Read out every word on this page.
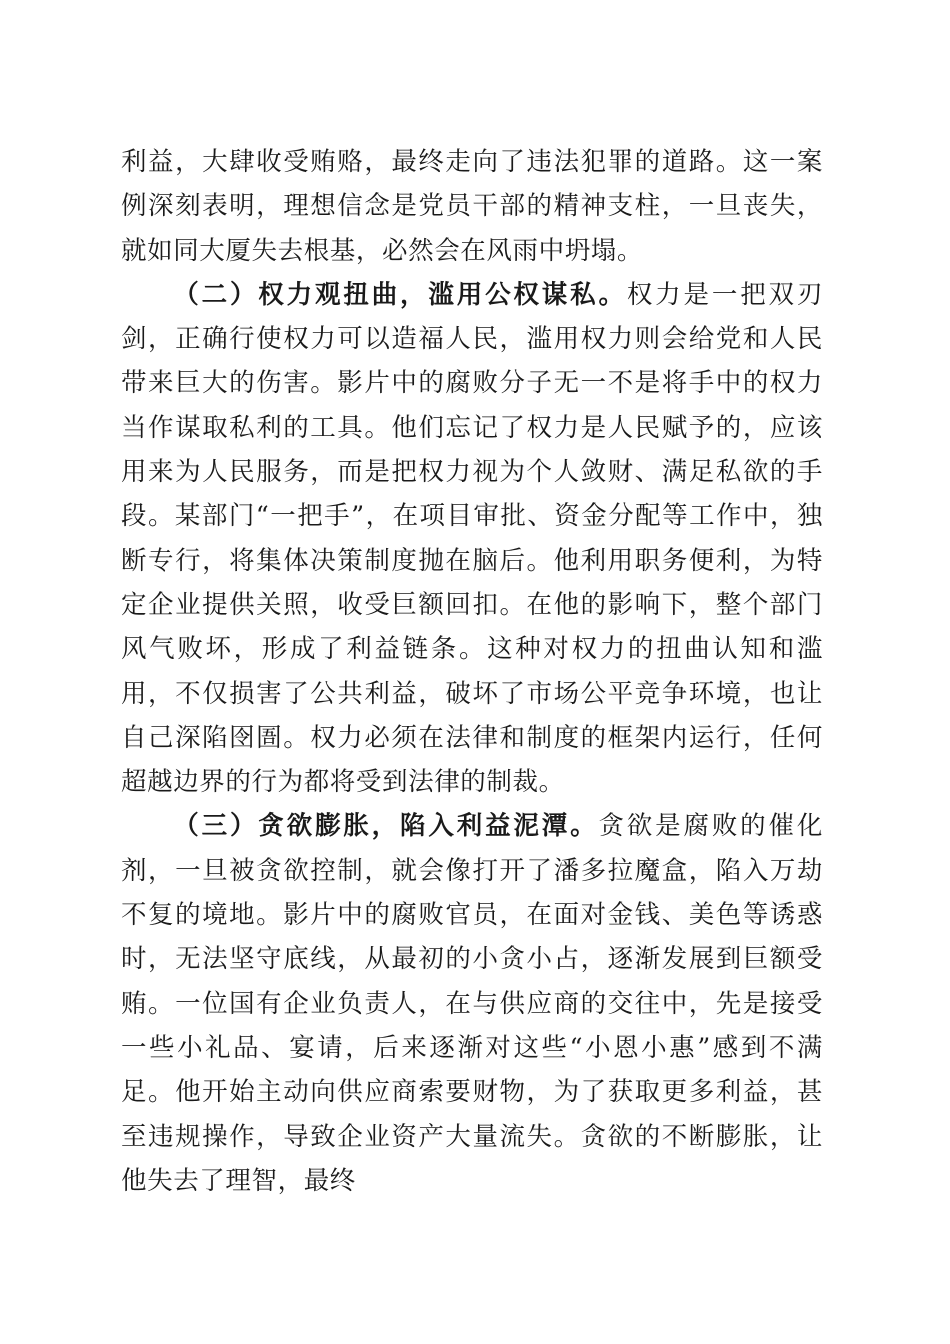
利益，大肆收受贿赂，最终走向了违法犯罪的道路。这一案例深刻表明，理想信念是党员干部的精神支柱，一旦丧失，就如同大厦失去根基，必然会在风雨中坍塌。

（二）权力观扭曲，滥用公权谋私。权力是一把双刃剑，正确行使权力可以造福人民，滥用权力则会给党和人民带来巨大的伤害。影片中的腐败分子无一不是将手中的权力当作谋取私利的工具。他们忘记了权力是人民赋予的，应该用来为人民服务，而是把权力视为个人敛财、满足私欲的手段。某部门“一把手”，在项目审批、资金分配等工作中，独断专行，将集体决策制度抛在脑后。他利用职务便利，为特定企业提供关照，收受巨额回扣。在他的影响下，整个部门风气败坏，形成了利益链条。这种对权力的扭曲认知和滥用，不仅损害了公共利益，破坏了市场公平竞争环境，也让自己深陷囹圄。权力必须在法律和制度的框架内运行，任何超越边界的行为都将受到法律的制裁。

（三）贪欲膨胀，陷入利益泥潭。贪欲是腐败的催化剂，一旦被贪欲控制，就会像打开了潘多拉魔盒，陷入万劫不复的境地。影片中的腐败官员，在面对金钱、美色等诱惑时，无法坚守底线，从最初的小贪小占，逐渐发展到巨额受贿。一位国有企业负责人，在与供应商的交往中，先是接受一些小礼品、宴请，后来逐渐对这些“小恩小惠”感到不满足。他开始主动向供应商索要财物，为了获取更多利益，甚至违规操作，导致企业资产大量流失。贪欲的不断膨胀，让他失去了理智，最终
